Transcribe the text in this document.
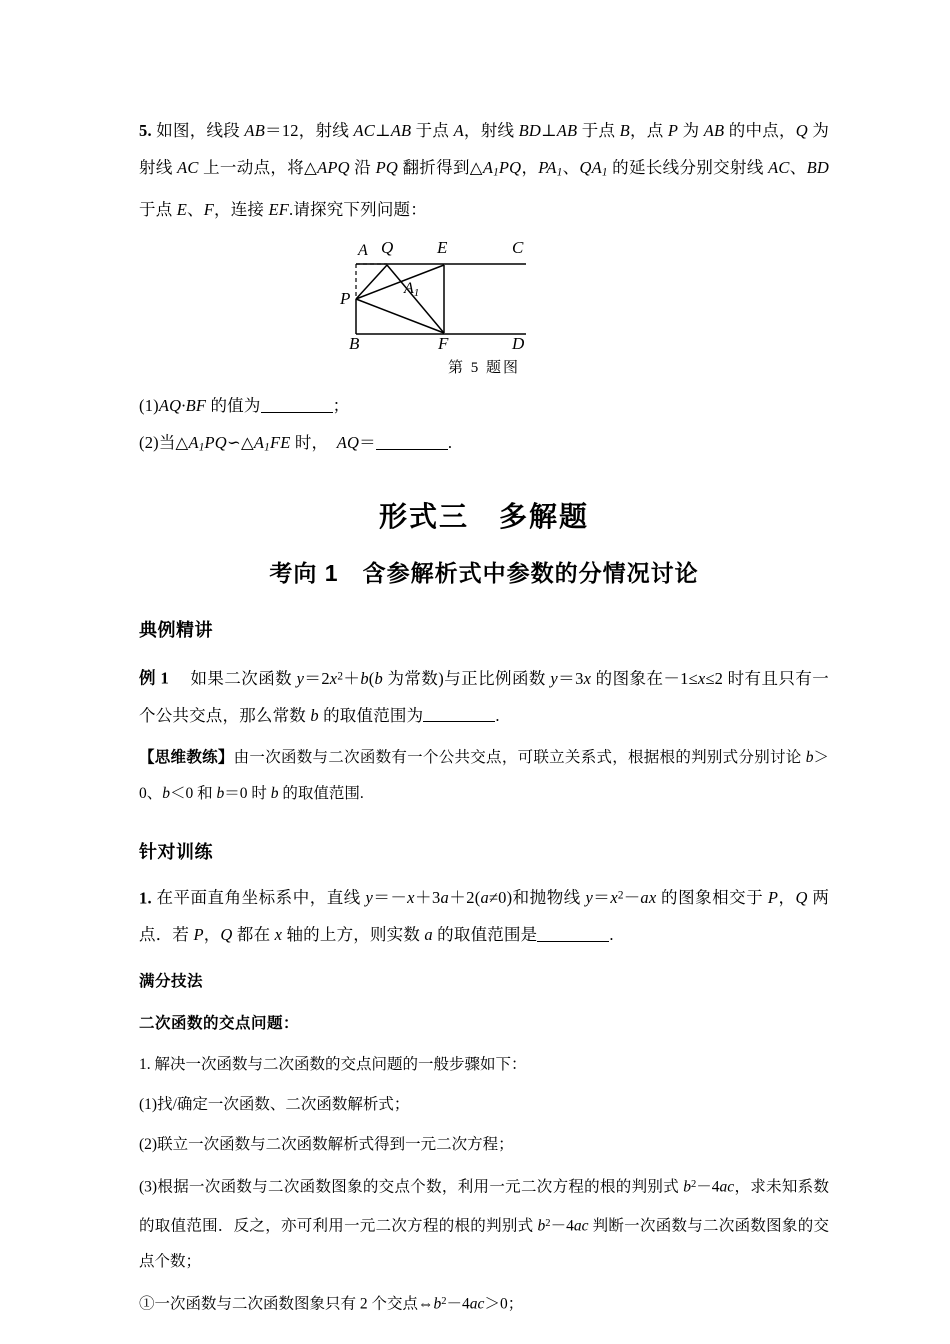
5. 如图，线段 AB＝12，射线 AC⊥AB 于点 A，射线 BD⊥AB 于点 B，点 P 为 AB 的中点，Q 为射线 AC 上一动点，将△APQ 沿 PQ 翻折得到$\triangle A_1PQ$，$PA_1$、$QA_1$ 的延长线分别交射线 AC、BD 于点 E、F，连接 EF.请探究下列问题：
A Q	E	C
P
B	F	D
A1
第 5 题图
(1)AQ·BF 的值为	；
(2)当$\triangle A_1PQ∽\triangle A_1FE$ 时，　AQ＝	.
形式三　多解题
考向 1　含参解析式中参数的分情况讨论
典例精讲
例 1 　如果二次函数 $y=2x^2+b(b$ 为常数)与正比例函数 y＝3x 的图象在－1≤x≤2 时有且只有一个公共交点，那么常数 b 的取值范围为	.
【思维教练】由一次函数与二次函数有一个公共交点，可联立关系式，根据根的判别式分别讨论 b＞0、b＜0 和 b＝0 时 b 的取值范围.
针对训练
1. 在平面直角坐标系中，直线 y＝－x＋3a＋2(a≠0)和抛物线 $y=x^2-ax$ 的图象相交于 P，Q 两点．若 P，Q 都在 x 轴的上方，则实数 a 的取值范围是	.
满分技法
二次函数的交点问题：
1. 解决一次函数与二次函数的交点问题的一般步骤如下：
(1)找/确定一次函数、二次函数解析式；
(2)联立一次函数与二次函数解析式得到一元二次方程；
(3)根据一次函数与二次函数图象的交点个数，利用一元二次方程的根的判别式 $b^2-4ac$，求未知系数的取值范围．反之，亦可利用一元二次方程的根的判别式 $b^2-4ac$ 判断一次函数与二次函数图象的交点个数；
①一次函数与二次函数图象只有 2 个交点$\Leftrightarrow b^2-4ac>0$；
